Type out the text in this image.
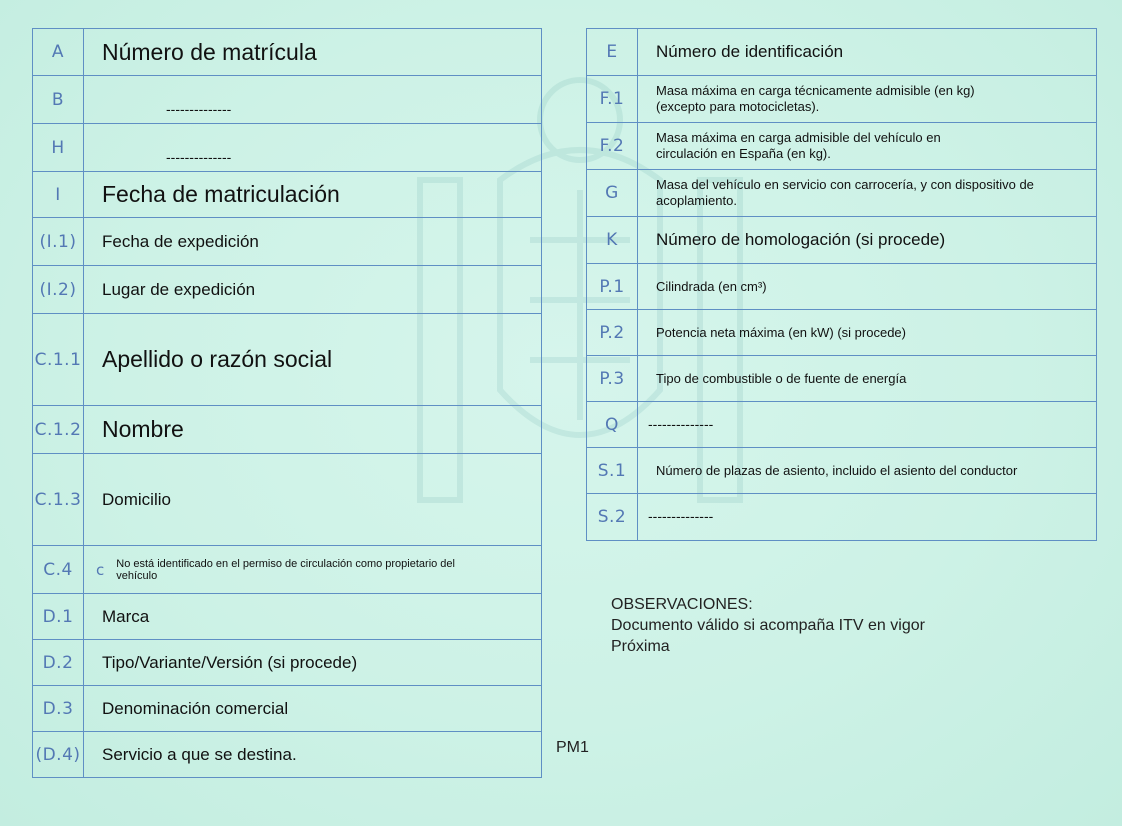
A	Número de matrícula
B	--------------
H	--------------
I	Fecha de matriculación
(I.1)	Fecha de expedición
(I.2)	Lugar de expedición
C.1.1	Apellido o razón social
C.1.2	Nombre
C.1.3	Domicilio
C.4	c No está identificado en el permiso de circulación como propietario del vehículo

D.1	Marca
D.2	Tipo/Variante/Versión (si procede)
D.3	Denominación comercial
(D.4)	Servicio a que se destina.
E	Número de identificación
F.1	Masa máxima en carga técnicamente admisible (en kg) (excepto para motocicletas).
F.2	Masa máxima en carga admisible del vehículo en circulación en España (en kg).
G	Masa del vehículo en servicio con carrocería, y con dispositivo de acoplamiento.
K	Número de homologación (si procede)
P.1	Cilindrada (en cm³)
P.2	Potencia neta máxima (en kW) (si procede)
P.3	Tipo de combustible o de fuente de energía
Q	--------------
S.1	Número de plazas de asiento, incluido el asiento del conductor
S.2	--------------
OBSERVACIONES:
Documento válido si acompaña ITV en vigor
Próxima
PM1
